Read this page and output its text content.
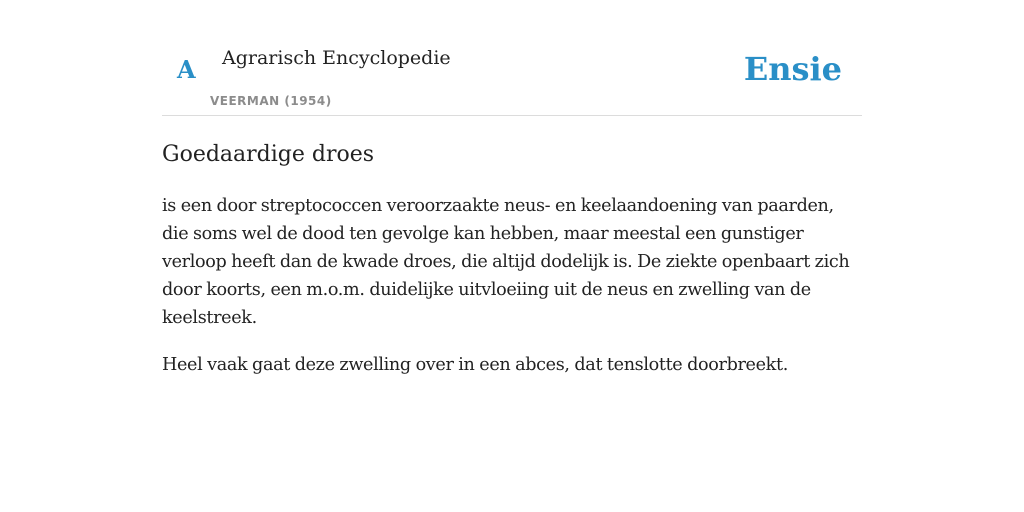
A Agrarisch Encyclopedie
VEERMAN (1954)
Ensie
Goedaardige droes

is een door streptococcen veroorzaakte neus- en keelaandoening van paarden, die soms wel de dood ten gevolge kan hebben, maar meestal een gunstiger verloop heeft dan de kwade droes, die altijd dodelijk is. De ziekte openbaart zich door koorts, een m.o.m. duidelijke uitvloeiing uit de neus en zwelling van de keelstreek.

Heel vaak gaat deze zwelling over in een abces, dat tenslotte doorbreekt.
